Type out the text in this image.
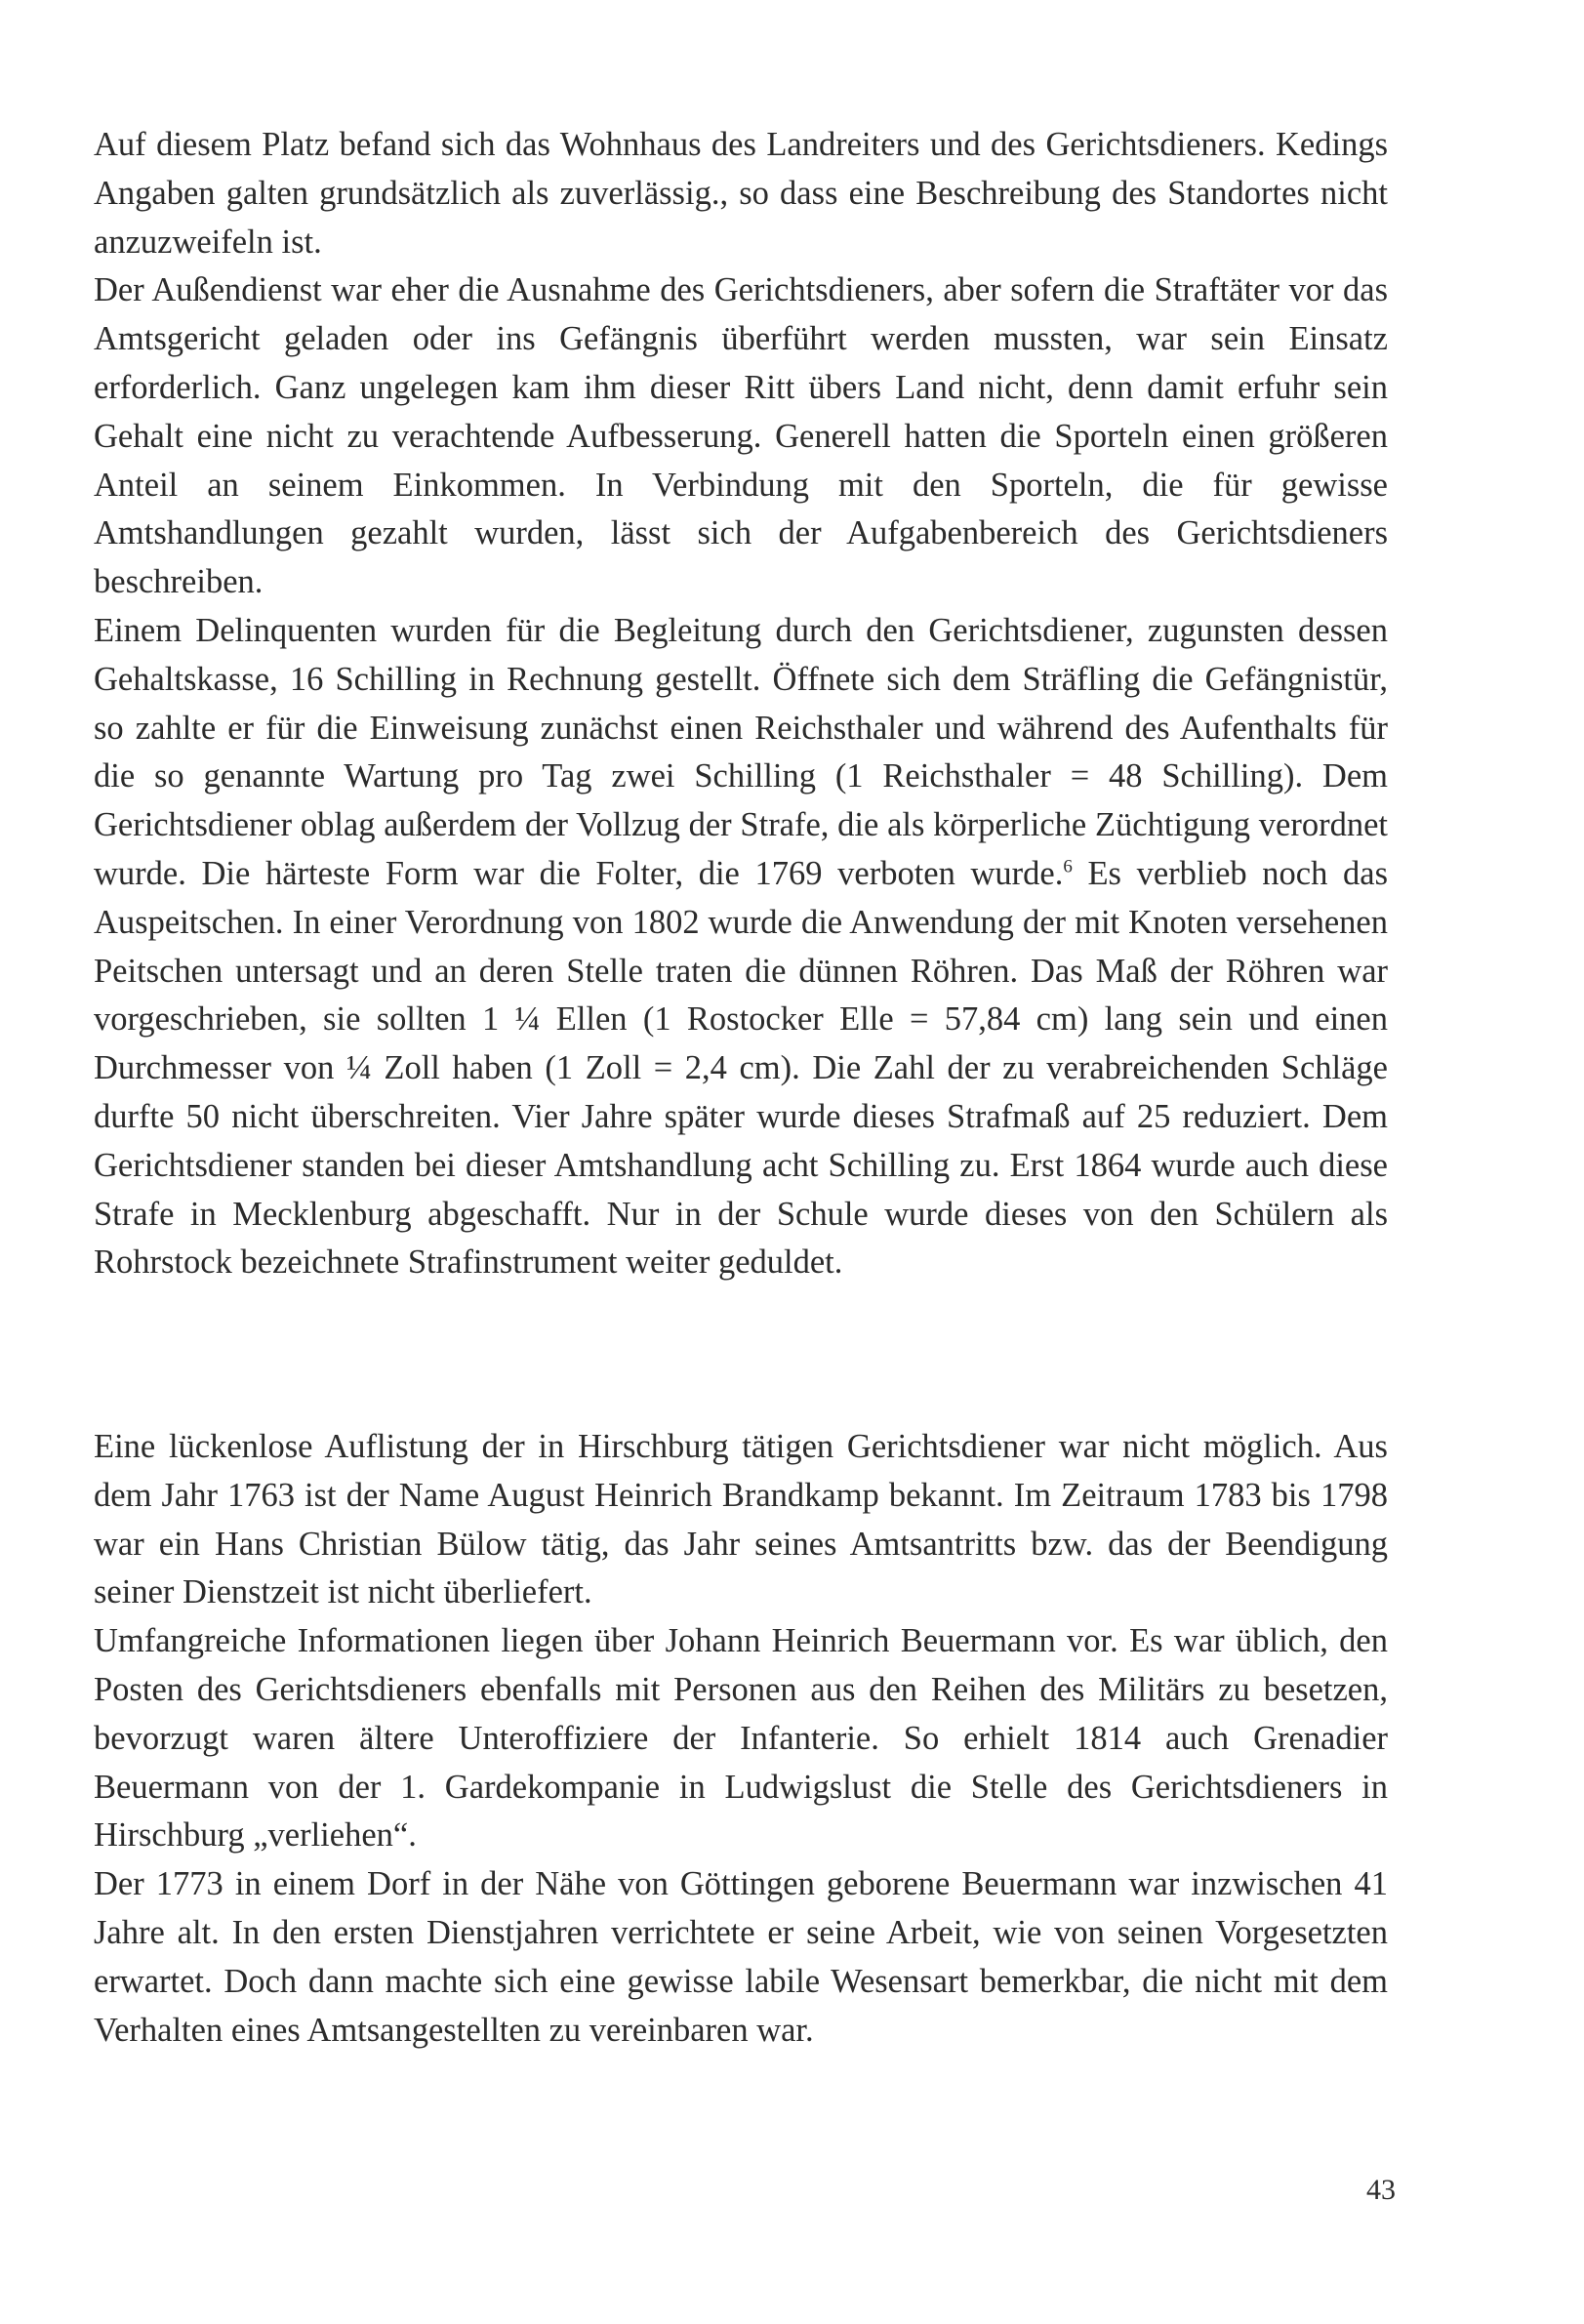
Auf diesem Platz befand sich das Wohnhaus des Landreiters und des Gerichtsdieners. Kedings Angaben galten grundsätzlich als zuverlässig., so dass eine Beschreibung des Standortes nicht anzuzweifeln ist.

Der Außendienst war eher die Ausnahme des Gerichtsdieners, aber sofern die Straftäter vor das Amtsgericht geladen oder ins Gefängnis überführt werden mussten, war sein Einsatz erforderlich. Ganz ungelegen kam ihm dieser Ritt übers Land nicht, denn damit erfuhr sein Gehalt eine nicht zu verachtende Aufbesserung. Generell hatten die Sporteln einen größeren Anteil an seinem Einkommen. In Verbindung mit den Sporteln, die für gewisse Amtshandlungen gezahlt wurden, lässt sich der Aufgabenbereich des Gerichtsdieners beschreiben.

Einem Delinquenten wurden für die Begleitung durch den Gerichtsdiener, zugunsten dessen Gehaltskasse, 16 Schilling in Rechnung gestellt. Öffnete sich dem Sträfling die Gefängnistür, so zahlte er für die Einweisung zunächst einen Reichsthaler und während des Aufenthalts für die so genannte Wartung pro Tag zwei Schilling (1 Reichsthaler = 48 Schilling). Dem Gerichtsdiener oblag außerdem der Vollzug der Strafe, die als körperliche Züchtigung verordnet wurde. Die härteste Form war die Folter, die 1769 verboten wurde.$^6$ Es verblieb noch das Auspeitschen. In einer Verordnung von 1802 wurde die Anwendung der mit Knoten versehenen Peitschen untersagt und an deren Stelle traten die dünnen Röhren. Das Maß der Röhren war vorgeschrieben, sie sollten 1 ¼ Ellen (1 Rostocker Elle = 57,84 cm) lang sein und einen Durchmesser von ¼ Zoll haben (1 Zoll = 2,4 cm). Die Zahl der zu verabreichenden Schläge durfte 50 nicht überschreiten. Vier Jahre später wurde dieses Strafmaß auf 25 reduziert. Dem Gerichtsdiener standen bei dieser Amtshandlung acht Schilling zu. Erst 1864 wurde auch diese Strafe in Mecklenburg abgeschafft. Nur in der Schule wurde dieses von den Schülern als Rohrstock bezeichnete Strafinstrument weiter geduldet.

Eine lückenlose Auflistung der in Hirschburg tätigen Gerichtsdiener war nicht möglich. Aus dem Jahr 1763 ist der Name August Heinrich Brandkamp bekannt. Im Zeitraum 1783 bis 1798 war ein Hans Christian Bülow tätig, das Jahr seines Amtsantritts bzw. das der Beendigung seiner Dienstzeit ist nicht überliefert.

Umfangreiche Informationen liegen über Johann Heinrich Beuermann vor. Es war üblich, den Posten des Gerichtsdieners ebenfalls mit Personen aus den Reihen des Militärs zu besetzen, bevorzugt waren ältere Unteroffiziere der Infanterie. So erhielt 1814 auch Grenadier Beuermann von der 1. Gardekompanie in Ludwigslust die Stelle des Gerichtsdieners in Hirschburg „verliehen“.

Der 1773 in einem Dorf in der Nähe von Göttingen geborene Beuermann war inzwischen 41 Jahre alt. In den ersten Dienstjahren verrichtete er seine Arbeit, wie von seinen Vorgesetzten erwartet. Doch dann machte sich eine gewisse labile Wesensart bemerkbar, die nicht mit dem Verhalten eines Amtsangestellten zu vereinbaren war.

43
